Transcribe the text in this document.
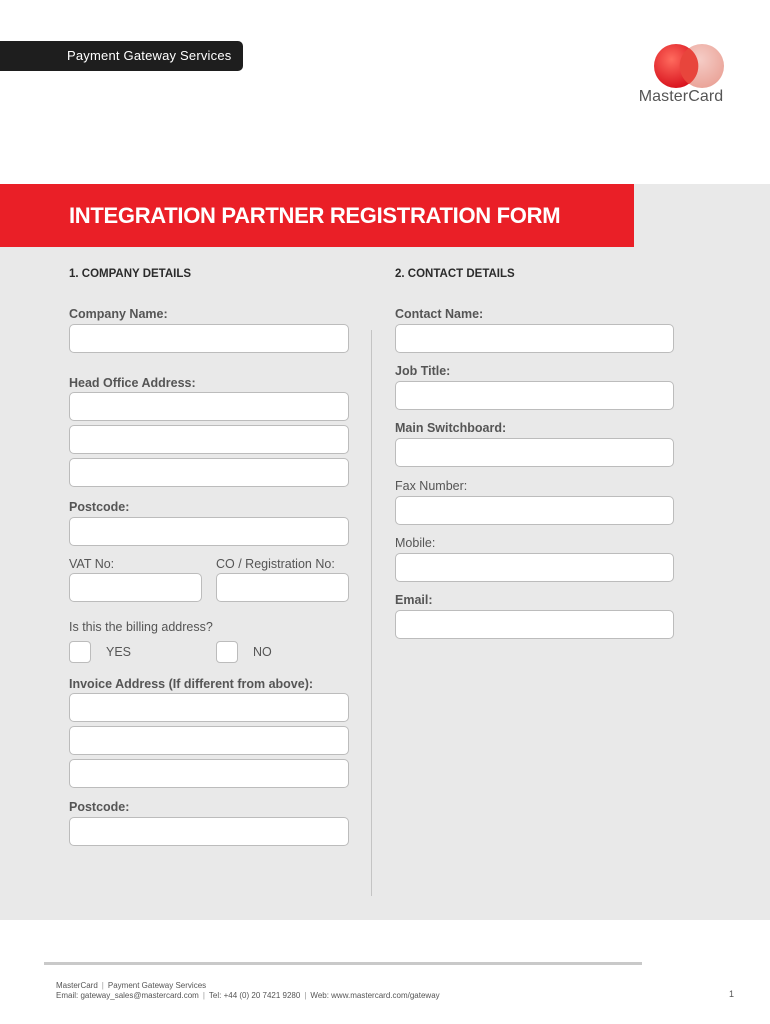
Payment Gateway Services
MasterCard
INTEGRATION PARTNER REGISTRATION FORM
1. COMPANY DETAILS
Company Name:
Head Office Address:
Postcode:
VAT No:	CO / Registration No:
Is this the billing address?
YES	NO
Invoice Address (If different from above):
Postcode:
2. CONTACT DETAILS
Contact Name:
Job Title:
Main Switchboard:
Fax Number:
Mobile:
Email:
MasterCard | Payment Gateway Services
Email: gateway_sales@mastercard.com | Tel: +44 (0) 20 7421 9280 | Web: www.mastercard.com/gateway	1
